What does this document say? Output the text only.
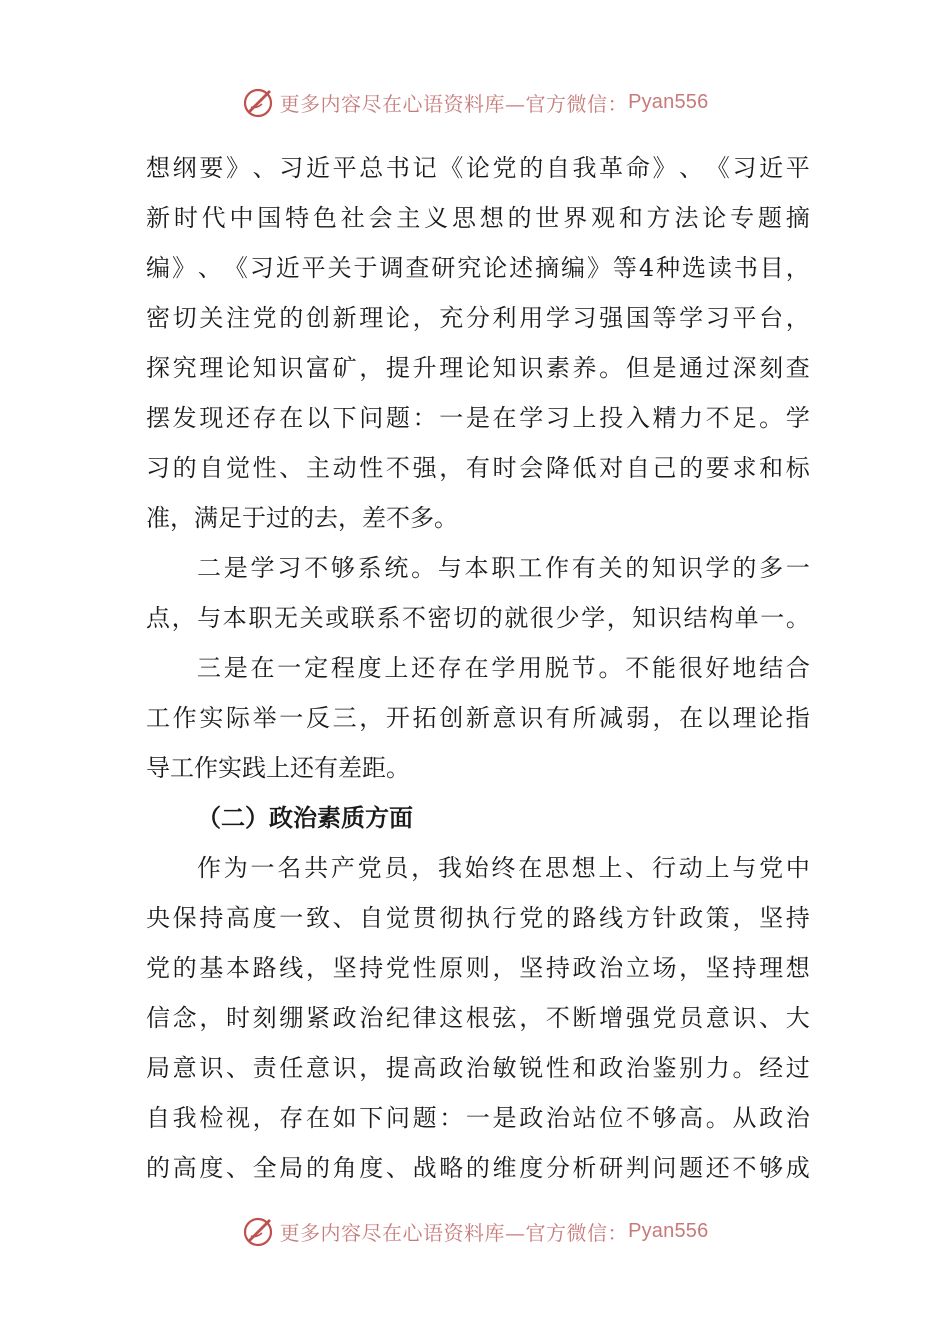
更多内容尽在心语资料库—官方微信： Pyan556
想 纲 要 》 、 习 近 平 总 书 记 《 论 党 的 自 我 革 命 》 、 《 习 近 平
新 时 代 中 国 特 色 社 会 主 义 思 想 的 世 界 观 和 方 法 论 专 题 摘
编 》 、 《 习 近 平 关 于 调 查 研 究 论 述 摘 编 》 等 4 种 选 读 书 目 ，
密 切 关 注 党 的 创 新 理 论 ， 充 分 利 用 学 习 强 国 等 学 习 平 台 ，
探 究 理 论 知 识 富 矿 ， 提 升 理 论 知 识 素 养 。 但 是 通 过 深 刻 查
摆 发 现 还 存 在 以 下 问 题 ： 一 是 在 学 习 上 投 入 精 力 不 足 。 学
习 的 自 觉 性 、 主 动 性 不 强 ， 有 时 会 降 低 对 自 己 的 要 求 和 标
准，满足于过的去，差不多。
二 是 学 习 不 够 系 统 。 与 本 职 工 作 有 关 的 知 识 学 的 多 一
点 ， 与 本 职 无 关 或 联 系 不 密 切 的 就 很 少 学 ， 知 识 结 构 单 一 。
三 是 在 一 定 程 度 上 还 存 在 学 用 脱 节 。 不 能 很 好 地 结 合
工 作 实 际 举 一 反 三 ， 开 拓 创 新 意 识 有 所 减 弱 ， 在 以 理 论 指
导工作实践上还有差距。
（二）政治素质方面
作 为 一 名 共 产 党 员 ， 我 始 终 在 思 想 上 、 行 动 上 与 党 中
央 保 持 高 度 一 致 、 自 觉 贯 彻 执 行 党 的 路 线 方 针 政 策 ， 坚 持
党 的 基 本 路 线 ， 坚 持 党 性 原 则 ， 坚 持 政 治 立 场 ， 坚 持 理 想
信 念 ， 时 刻 绷 紧 政 治 纪 律 这 根 弦 ， 不 断 增 强 党 员 意 识 、 大
局 意 识 、 责 任 意 识 ， 提 高 政 治 敏 锐 性 和 政 治 鉴 别 力 。 经 过
自 我 检 视 ， 存 在 如 下 问 题 ： 一 是 政 治 站 位 不 够 高 。 从 政 治
的 高 度 、 全 局 的 角 度 、 战 略 的 维 度 分 析 研 判 问 题 还 不 够 成
更多内容尽在心语资料库—官方微信： Pyan556
